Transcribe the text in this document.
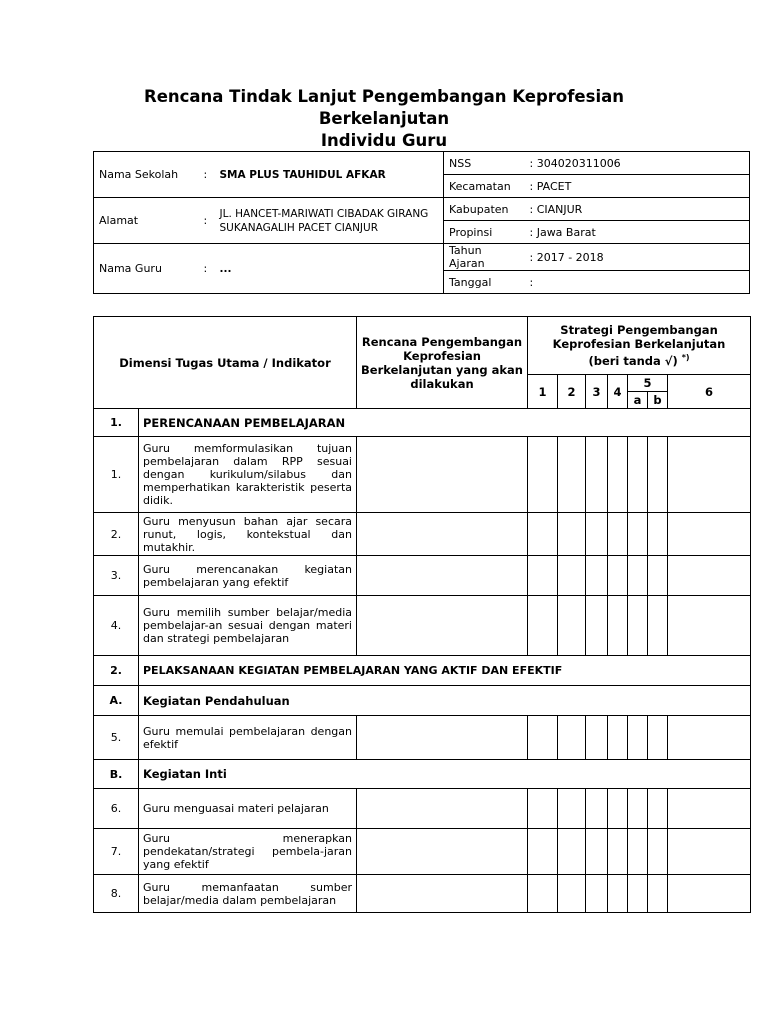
Rencana Tindak Lanjut Pengembangan Keprofesian Berkelanjutan
Individu Guru
Nama Sekolah	:	SMA PLUS TAUHIDUL AFKAR	NSS	: 304020311006
			Kecamatan	: PACET
Alamat	:	JL. HANCET-MARIWATI CIBADAK GIRANG SUKANAGALIH PACET CIANJUR	Kabupaten	: CIANJUR
			Propinsi	: Jawa Barat
Nama Guru	:	...	Tahun Ajaran	: 2017 - 2018
			Tanggal	:
Dimensi Tugas Utama / Indikator		Rencana Pengembangan Keprofesian Berkelanjutan yang akan dilakukan	Strategi Pengembangan Keprofesian Berkelanjutan
(beri tanda √) *)

			1	2	3	4	5		6
							a	b	
1.	PERENCANAAN PEMBELAJARAN								
1.	Guru memformulasikan tujuan pembelajaran dalam RPP sesuai dengan kurikulum/silabus dan memperhatikan karakteristik peserta didik.								
2.	Guru menyusun bahan ajar secara runut, logis, kontekstual dan mutakhir.								
3.	Guru merencanakan kegiatan pembelajaran yang efektif								
4.	Guru memilih sumber belajar/media pembelajar-an sesuai dengan materi dan strategi pembelajaran								
2.	PELAKSANAAN KEGIATAN PEMBELAJARAN YANG AKTIF DAN EFEKTIF								
A.	Kegiatan Pendahuluan								
5.	Guru memulai pembelajaran dengan efektif								
B.	Kegiatan Inti								
6.	Guru menguasai materi pelajaran								
7.	Guru menerapkan pendekatan/strategi pembela-jaran yang efektif								
8.	Guru memanfaatan sumber belajar/media dalam pembelajaran								
